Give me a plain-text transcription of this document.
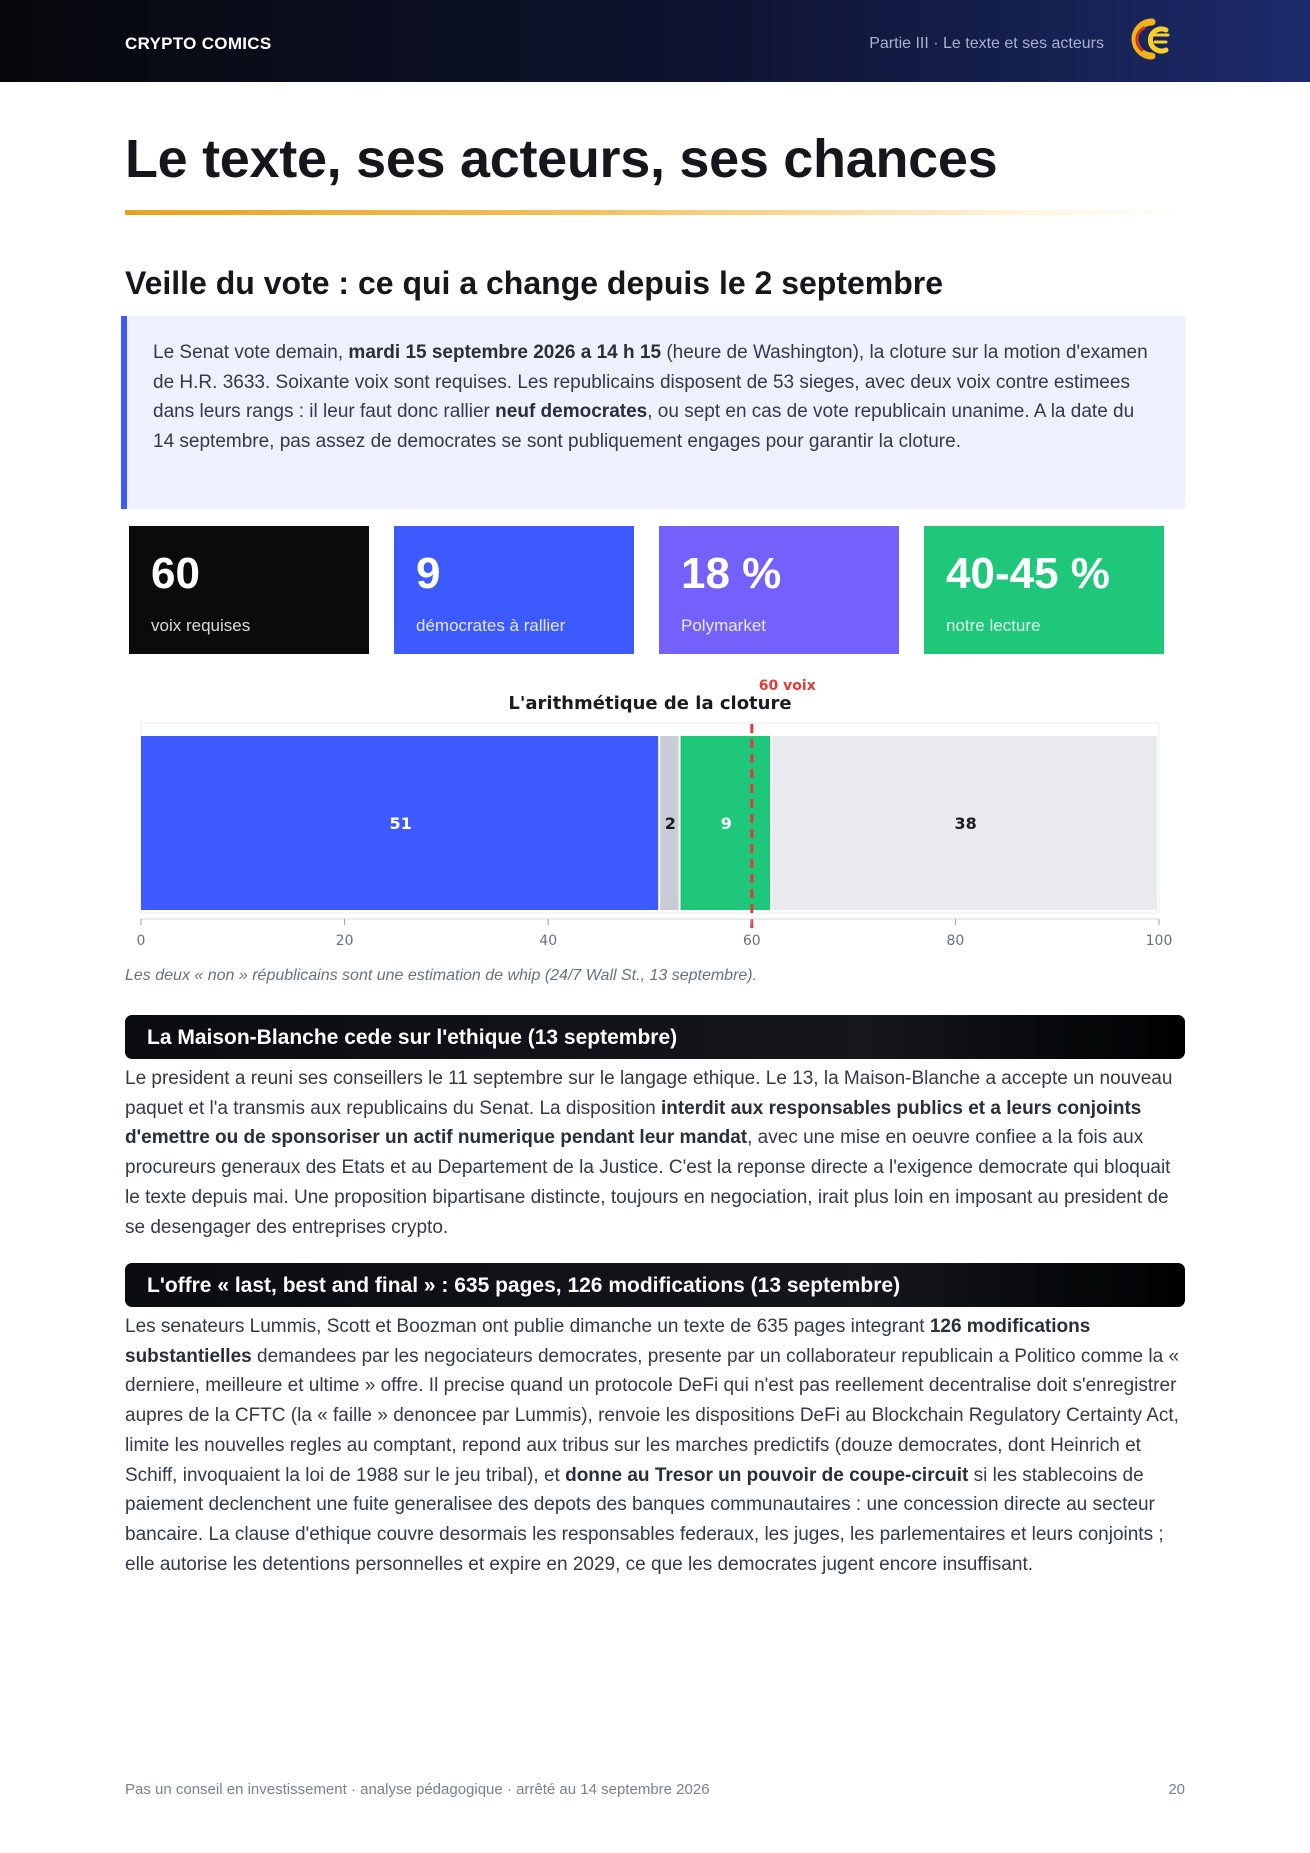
CRYPTO COMICS	Partie III · Le texte et ses acteurs
Le texte, ses acteurs, ses chances
Veille du vote : ce qui a change depuis le 2 septembre
Le Senat vote demain, mardi 15 septembre 2026 a 14 h 15 (heure de Washington), la cloture sur la motion d'examen de H.R. 3633. Soixante voix sont requises. Les republicains disposent de 53 sieges, avec deux voix contre estimees dans leurs rangs : il leur faut donc rallier neuf democrates, ou sept en cas de vote republicain unanime. A la date du 14 septembre, pas assez de democrates se sont publiquement engages pour garantir la cloture.
60
voix requises
9
démocrates à rallier
18 %
Polymarket
40-45 %
notre lecture
L'arithmétique de la cloture
51	2	9	38
60 voix
0	20	40	60	80	100
Les deux « non » républicains sont une estimation de whip (24/7 Wall St., 13 septembre).
La Maison-Blanche cede sur l'ethique (13 septembre)
Le president a reuni ses conseillers le 11 septembre sur le langage ethique. Le 13, la Maison-Blanche a accepte un nouveau paquet et l'a transmis aux republicains du Senat. La disposition interdit aux responsables publics et a leurs conjoints d'emettre ou de sponsoriser un actif numerique pendant leur mandat, avec une mise en oeuvre confiee a la fois aux procureurs generaux des Etats et au Departement de la Justice. C'est la reponse directe a l'exigence democrate qui bloquait le texte depuis mai. Une proposition bipartisane distincte, toujours en negociation, irait plus loin en imposant au president de se desengager des entreprises crypto.
L'offre « last, best and final » : 635 pages, 126 modifications (13 septembre)
Les senateurs Lummis, Scott et Boozman ont publie dimanche un texte de 635 pages integrant 126 modifications substantielles demandees par les negociateurs democrates, presente par un collaborateur republicain a Politico comme la « derniere, meilleure et ultime » offre. Il precise quand un protocole DeFi qui n'est pas reellement decentralise doit s'enregistrer aupres de la CFTC (la « faille » denoncee par Lummis), renvoie les dispositions DeFi au Blockchain Regulatory Certainty Act, limite les nouvelles regles au comptant, repond aux tribus sur les marches predictifs (douze democrates, dont Heinrich et Schiff, invoquaient la loi de 1988 sur le jeu tribal), et donne au Tresor un pouvoir de coupe-circuit si les stablecoins de paiement declenchent une fuite generalisee des depots des banques communautaires : une concession directe au secteur bancaire. La clause d'ethique couvre desormais les responsables federaux, les juges, les parlementaires et leurs conjoints ; elle autorise les detentions personnelles et expire en 2029, ce que les democrates jugent encore insuffisant.
Pas un conseil en investissement · analyse pédagogique · arrêté au 14 septembre 2026	20
